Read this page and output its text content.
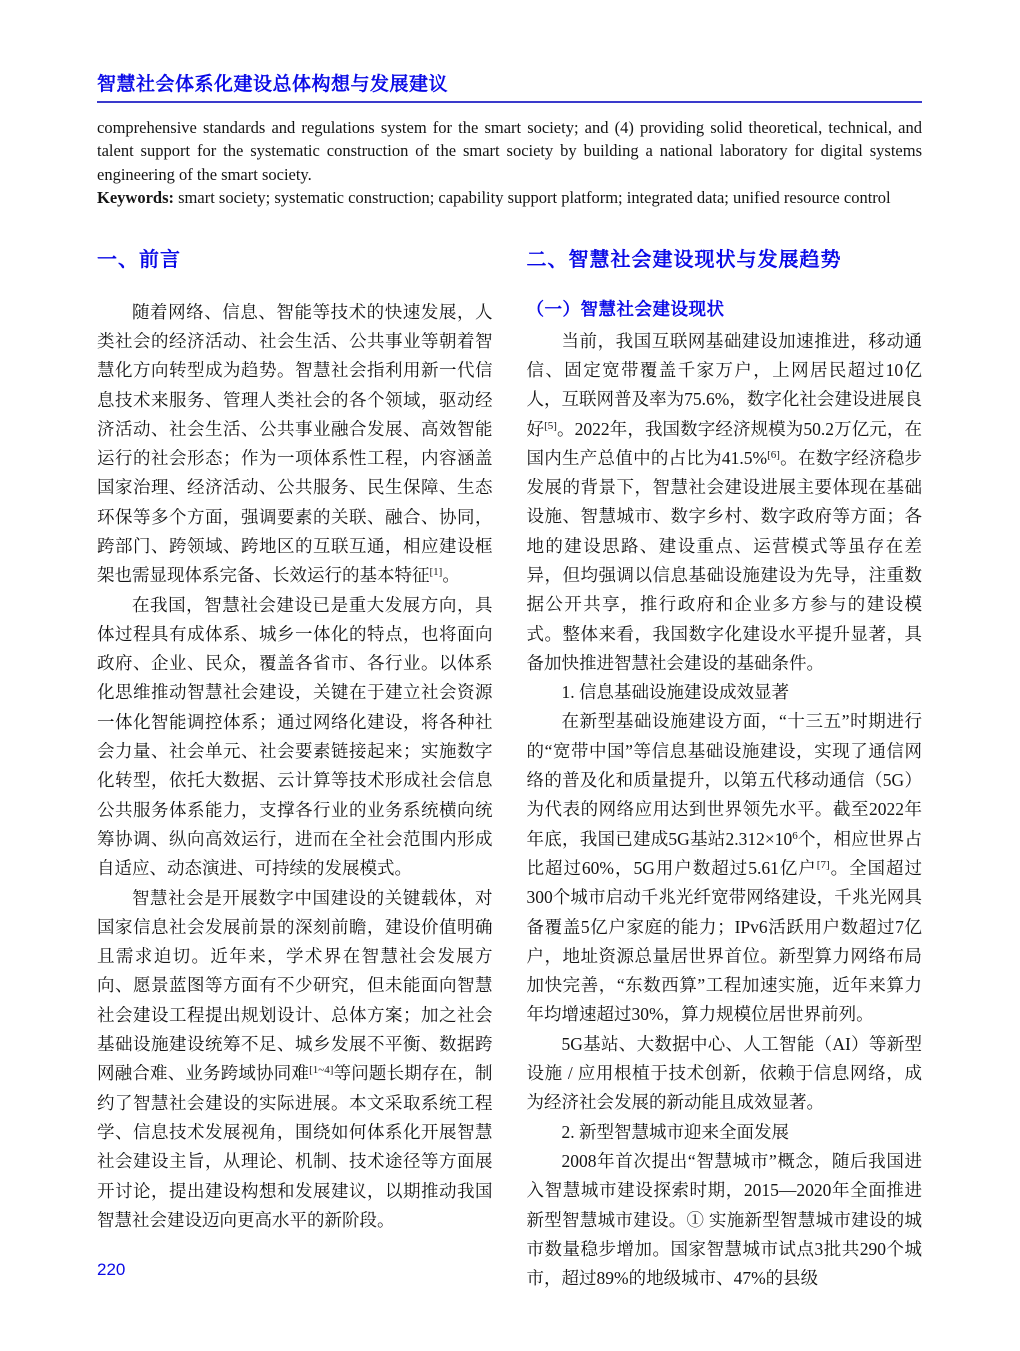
智慧社会体系化建设总体构想与发展建议

comprehensive standards and regulations system for the smart society; and (4) providing solid theoretical, technical, and talent support for the systematic construction of the smart society by building a national laboratory for digital systems engineering of the smart society.

Keywords: smart society; systematic construction; capability support platform; integrated data; unified resource control

一、前言

随着网络、信息、智能等技术的快速发展，人类社会的经济活动、社会生活、公共事业等朝着智慧化方向转型成为趋势。智慧社会指利用新一代信息技术来服务、管理人类社会的各个领域，驱动经济活动、社会生活、公共事业融合发展、高效智能运行的社会形态；作为一项体系性工程，内容涵盖国家治理、经济活动、公共服务、民生保障、生态环保等多个方面，强调要素的关联、融合、协同，跨部门、跨领域、跨地区的互联互通，相应建设框架也需显现体系完备、长效运行的基本特征[1]。

在我国，智慧社会建设已是重大发展方向，具体过程具有成体系、城乡一体化的特点，也将面向政府、企业、民众，覆盖各省市、各行业。以体系化思维推动智慧社会建设，关键在于建立社会资源一体化智能调控体系；通过网络化建设，将各种社会力量、社会单元、社会要素链接起来；实施数字化转型，依托大数据、云计算等技术形成社会信息公共服务体系能力，支撑各行业的业务系统横向统筹协调、纵向高效运行，进而在全社会范围内形成自适应、动态演进、可持续的发展模式。

智慧社会是开展数字中国建设的关键载体，对国家信息社会发展前景的深刻前瞻，建设价值明确且需求迫切。近年来，学术界在智慧社会发展方向、愿景蓝图等方面有不少研究，但未能面向智慧社会建设工程提出规划设计、总体方案；加之社会基础设施建设统筹不足、城乡发展不平衡、数据跨网融合难、业务跨域协同难[1~4]等问题长期存在，制约了智慧社会建设的实际进展。本文采取系统工程学、信息技术发展视角，围绕如何体系化开展智慧社会建设主旨，从理论、机制、技术途径等方面展开讨论，提出建设构想和发展建议，以期推动我国智慧社会建设迈向更高水平的新阶段。

二、智慧社会建设现状与发展趋势
（一）智慧社会建设现状

当前，我国互联网基础建设加速推进，移动通信、固定宽带覆盖千家万户，上网居民超过10亿人，互联网普及率为75.6%，数字化社会建设进展良好[5]。2022年，我国数字经济规模为50.2万亿元，在国内生产总值中的占比为41.5%[6]。在数字经济稳步发展的背景下，智慧社会建设进展主要体现在基础设施、智慧城市、数字乡村、数字政府等方面；各地的建设思路、建设重点、运营模式等虽存在差异，但均强调以信息基础设施建设为先导，注重数据公开共享，推行政府和企业多方参与的建设模式。整体来看，我国数字化建设水平提升显著，具备加快推进智慧社会建设的基础条件。

1. 信息基础设施建设成效显著

在新型基础设施建设方面，“十三五”时期进行的“宽带中国”等信息基础设施建设，实现了通信网络的普及化和质量提升，以第五代移动通信（5G）为代表的网络应用达到世界领先水平。截至2022年年底，我国已建成5G基站$2.312\times 10^6$个，相应世界占比超过60%，5G用户数超过5.61亿户[7]。全国超过300个城市启动千兆光纤宽带网络建设，千兆光网具备覆盖5亿户家庭的能力；IPv6活跃用户数超过7亿户，地址资源总量居世界首位。新型算力网络布局加快完善，“东数西算”工程加速实施，近年来算力年均增速超过30%，算力规模位居世界前列。

5G基站、大数据中心、人工智能（AI）等新型设施 / 应用根植于技术创新，依赖于信息网络，成为经济社会发展的新动能且成效显著。

2. 新型智慧城市迎来全面发展

2008年首次提出“智慧城市”概念，随后我国进入智慧城市建设探索时期，2015—2020年全面推进新型智慧城市建设。① 实施新型智慧城市建设的城市数量稳步增加。国家智慧城市试点3批共290个城市，超过89%的地级城市、47%的县级

220
